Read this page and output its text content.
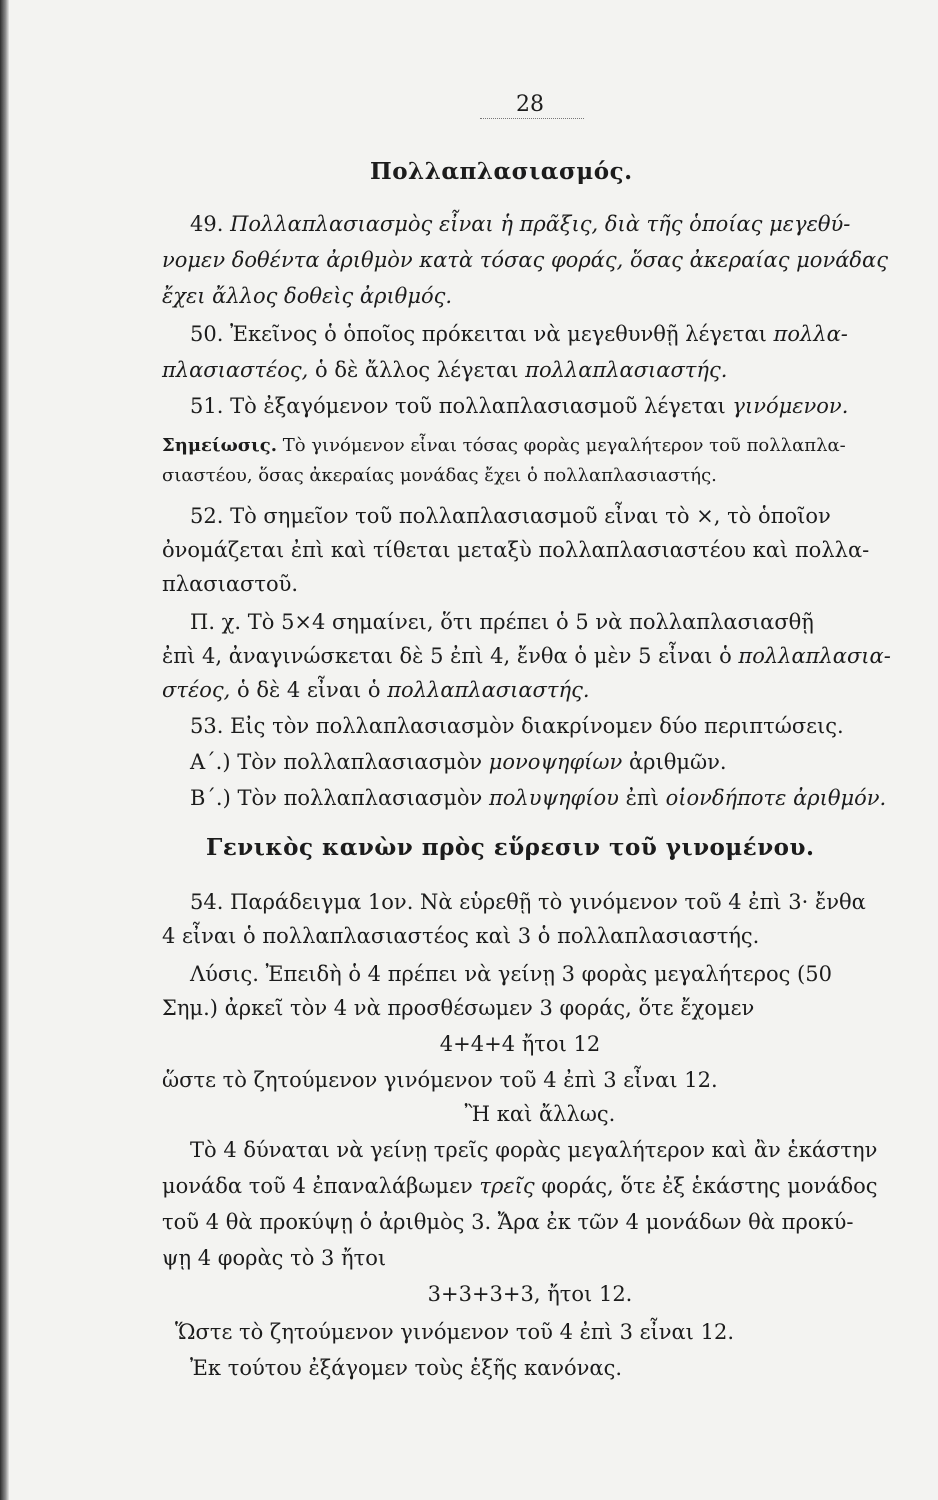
28
Πολλαπλασιασμός.
49. Πολλαπλασιασμὸς εἶναι ἡ πρᾶξις, διὰ τῆς ὁποίας μεγεθύ-
νομεν δοθέντα ἀριθμὸν κατὰ τόσας φοράς, ὅσας ἀκεραίας μονάδας
ἔχει ἄλλος δοθεὶς ἀριθμός.
50. Ἐκεῖνος ὁ ὁποῖος πρόκειται νὰ μεγεθυνθῇ λέγεται πολλα-
πλασιαστέος, ὁ δὲ ἄλλος λέγεται πολλαπλασιαστής.
51. Τὸ ἐξαγόμενον τοῦ πολλαπλασιασμοῦ λέγεται γινόμενον.
Σημείωσις. Τὸ γινόμενον εἶναι τόσας φορὰς μεγαλήτερον τοῦ πολλαπλα-
σιαστέου, ὅσας ἀκεραίας μονάδας ἔχει ὁ πολλαπλασιαστής.
52. Τὸ σημεῖον τοῦ πολλαπλασιασμοῦ εἶναι τὸ ×, τὸ ὁποῖον
ὀνομάζεται ἐπὶ καὶ τίθεται μεταξὺ πολλαπλασιαστέου καὶ πολλα-
πλασιαστοῦ.
Π. χ. Τὸ 5×4 σημαίνει, ὅτι πρέπει ὁ 5 νὰ πολλαπλασιασθῇ
ἐπὶ 4, ἀναγινώσκεται δὲ 5 ἐπὶ 4, ἔνθα ὁ μὲν 5 εἶναι ὁ πολλαπλασια-
στέος, ὁ δὲ 4 εἶναι ὁ πολλαπλασιαστής.
53. Εἰς τὸν πολλαπλασιασμὸν διακρίνομεν δύο περιπτώσεις.
Α΄.) Τὸν πολλαπλασιασμὸν μονοψηφίων ἀριθμῶν.
Β΄.) Τὸν πολλαπλασιασμὸν πολυψηφίου ἐπὶ οἱονδήποτε ἀριθμόν.
Γενικὸς κανὼν πρὸς εὕρεσιν τοῦ γινομένου.
54. Παράδειγμα 1ον. Νὰ εὑρεθῇ τὸ γινόμενον τοῦ 4 ἐπὶ 3· ἔνθα
4 εἶναι ὁ πολλαπλασιαστέος καὶ 3 ὁ πολλαπλασιαστής.
Λύσις. Ἐπειδὴ ὁ 4 πρέπει νὰ γείνῃ 3 φορὰς μεγαλήτερος (50
Σημ.) ἀρκεῖ τὸν 4 νὰ προσθέσωμεν 3 φοράς, ὅτε ἔχομεν
4+4+4 ἤτοι 12
ὥστε τὸ ζητούμενον γινόμενον τοῦ 4 ἐπὶ 3 εἶναι 12.
Ἢ καὶ ἄλλως.
Τὸ 4 δύναται νὰ γείνῃ τρεῖς φορὰς μεγαλήτερον καὶ ἂν ἑκάστην
μονάδα τοῦ 4 ἐπαναλάβωμεν τρεῖς φοράς, ὅτε ἐξ ἑκάστης μονάδος
τοῦ 4 θὰ προκύψῃ ὁ ἀριθμὸς 3. Ἄρα ἐκ τῶν 4 μονάδων θὰ προκύ-
ψῃ 4 φορὰς τὸ 3 ἤτοι
3+3+3+3, ἤτοι 12.
Ὥστε τὸ ζητούμενον γινόμενον τοῦ 4 ἐπὶ 3 εἶναι 12.
Ἐκ τούτου ἐξάγομεν τοὺς ἑξῆς κανόνας.
